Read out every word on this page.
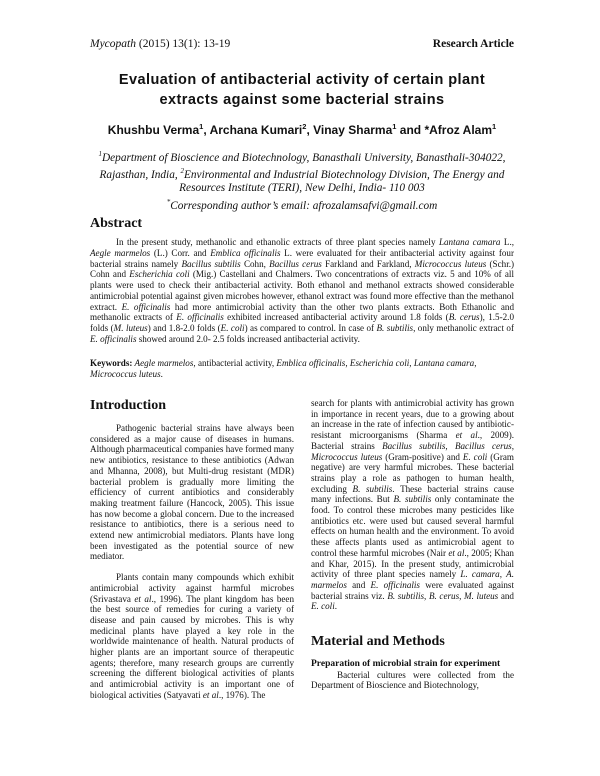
Mycopath (2015) 13(1): 13-19	Research Article
Evaluation of antibacterial activity of certain plant
extracts against some bacterial strains
Khushbu Verma$^1$, Archana Kumari$^2$, Vinay Sharma$^1$ and *Afroz Alam$^1$
$^1$Department of Bioscience and Biotechnology, Banasthali University, Banasthali-304022, Rajasthan, India, $^2$Environmental and Industrial Biotechnology Division, The Energy and Resources Institute (TERI), New Delhi, India- 110 003
*Corresponding author’s email: afrozalamsafvi@gmail.com
Abstract
In the present study, methanolic and ethanolic extracts of three plant species namely Lantana camara L., Aegle marmelos (L.) Corr. and Emblica officinalis L. were evaluated for their antibacterial activity against four bacterial strains namely Bacillus subtilis Cohn, Bacillus cerus Farkland and Farkland, Micrococcus luteus (Schr.) Cohn and Escherichia coli (Mig.) Castellani and Chalmers. Two concentrations of extracts viz. 5 and 10% of all plants were used to check their antibacterial activity. Both ethanol and methanol extracts showed considerable antimicrobial potential against given microbes however, ethanol extract was found more effective than the methanol extract. E. officinalis had more antimicrobial activity than the other two plants extracts. Both Ethanolic and methanolic extracts of E. officinalis exhibited increased antibacterial activity around 1.8 folds (B. cerus), 1.5-2.0 folds (M. luteus) and 1.8-2.0 folds (E. coli) as compared to control. In case of B. subtilis, only methanolic extract of E. officinalis showed around 2.0- 2.5 folds increased antibacterial activity.
Keywords: Aegle marmelos, antibacterial activity, Emblica officinalis, Escherichia coli, Lantana camara,
Micrococcus luteus.
Introduction

Pathogenic bacterial strains have always been considered as a major cause of diseases in humans. Although pharmaceutical companies have formed many new antibiotics, resistance to these antibiotics (Adwan and Mhanna, 2008), but Multi-drug resistant (MDR) bacterial problem is gradually more limiting the efficiency of current antibiotics and considerably making treatment failure (Hancock, 2005). This issue has now become a global concern. Due to the increased resistance to antibiotics, there is a serious need to extend new antimicrobial mediators. Plants have long been investigated as the potential source of new mediator.

Plants contain many compounds which exhibit antimicrobial activity against harmful microbes (Srivastava et al., 1996). The plant kingdom has been the best source of remedies for curing a variety of disease and pain caused by microbes. This is why medicinal plants have played a key role in the worldwide maintenance of health. Natural products of higher plants are an important source of therapeutic agents; therefore, many research groups are currently screening the different biological activities of plants and antimicrobial activity is an important one of biological activities (Satyavati et al., 1976). The

search for plants with antimicrobial activity has grown in importance in recent years, due to a growing about an increase in the rate of infection caused by antibiotic- resistant microorganisms (Sharma et al., 2009). Bacterial strains Bacillus subtilis, Bacillus cerus, Micrococcus luteus (Gram-positive) and E. coli (Gram negative) are very harmful microbes. These bacterial strains play a role as pathogen to human health, excluding B. subtilis. These bacterial strains cause many infections. But B. subtilis only contaminate the food. To control these microbes many pesticides like antibiotics etc. were used but caused several harmful effects on human health and the environment. To avoid these affects plants used as antimicrobial agent to control these harmful microbes (Nair et al., 2005; Khan and Khar, 2015). In the present study, antimicrobial activity of three plant species namely L. camara, A. marmelos and E. officinalis were evaluated against bacterial strains viz. B. subtilis, B. cerus, M. luteus and E. coli.

Material and Methods
Preparation of microbial strain for experiment

Bacterial cultures were collected from the Department of Bioscience and Biotechnology,
